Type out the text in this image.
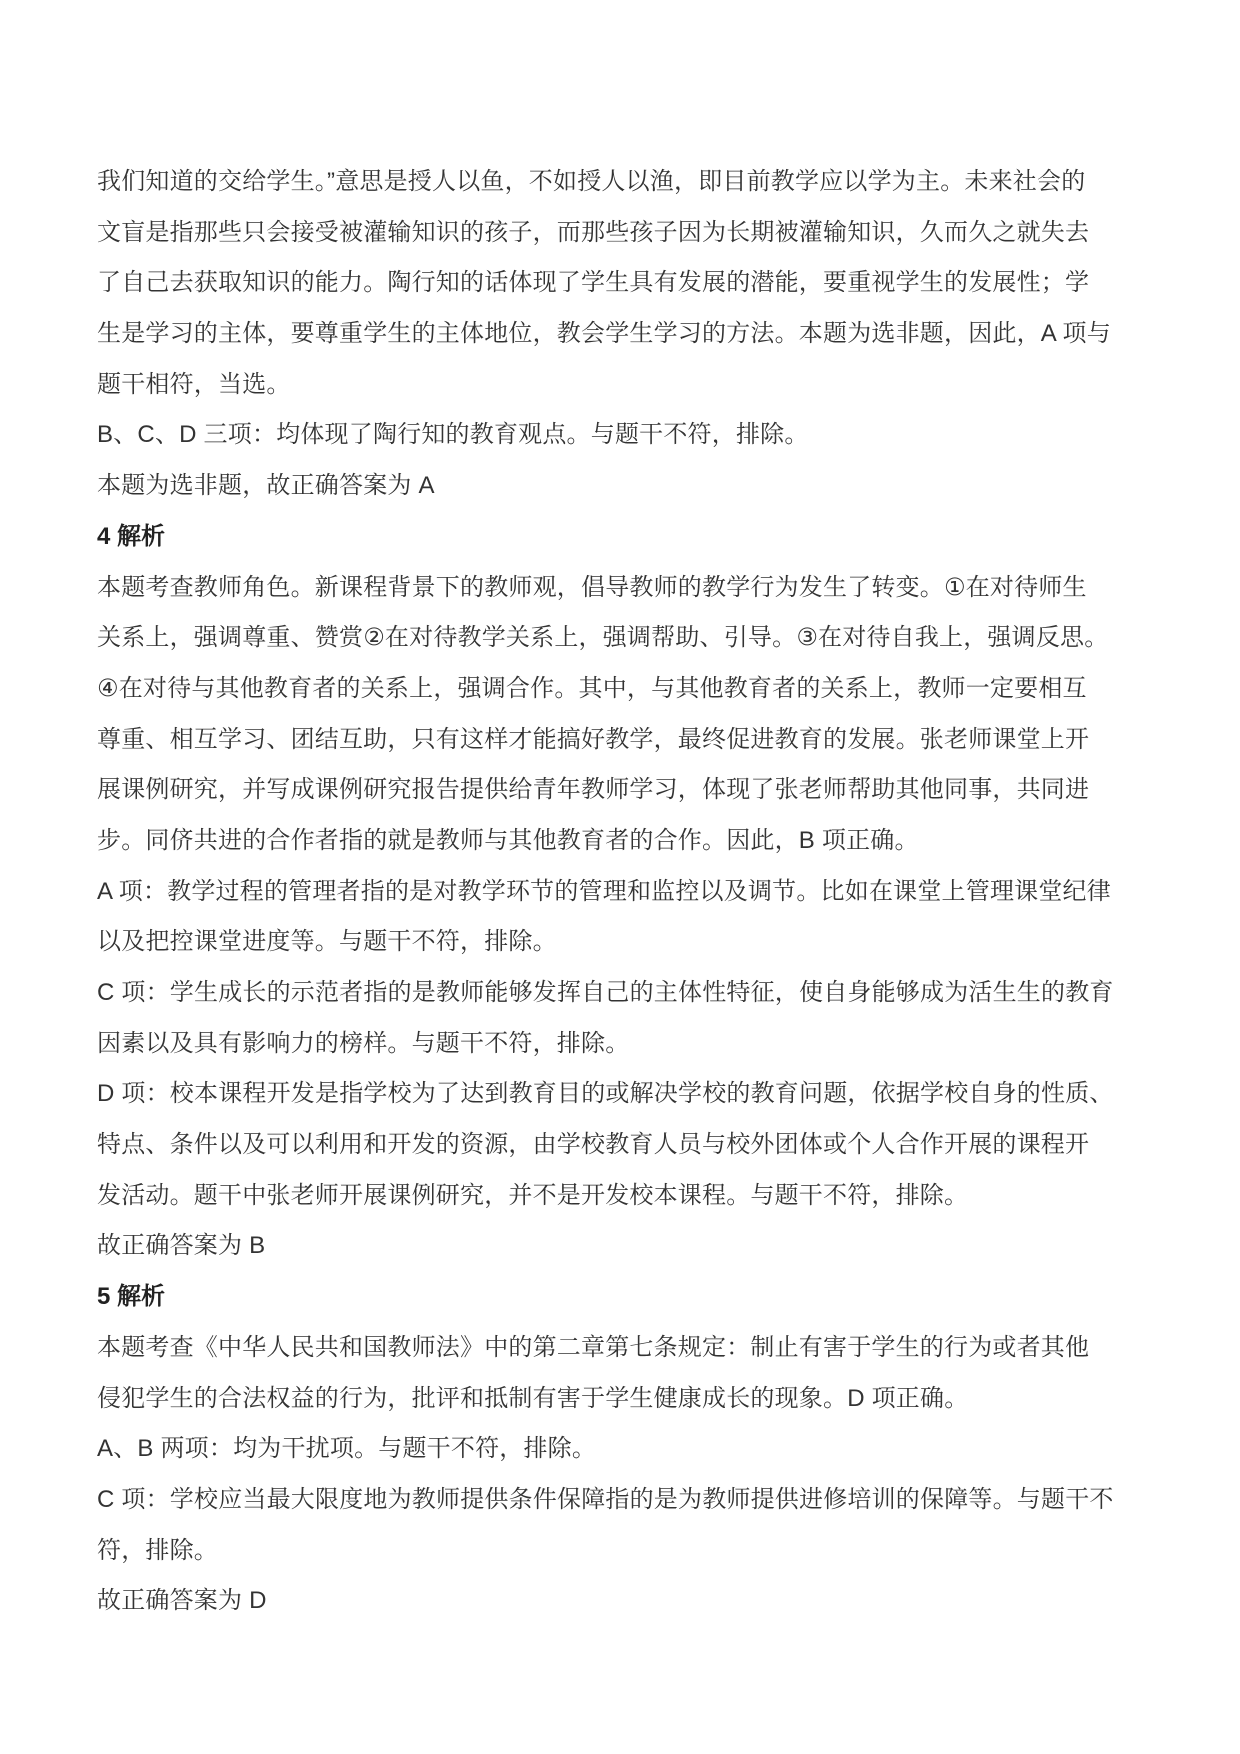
我们知道的交给学生。”意思是授人以鱼，不如授人以渔，即目前教学应以学为主。未来社会的
文盲是指那些只会接受被灌输知识的孩子，而那些孩子因为长期被灌输知识，久而久之就失去
了自己去获取知识的能力。陶行知的话体现了学生具有发展的潜能，要重视学生的发展性；学
生是学习的主体，要尊重学生的主体地位，教会学生学习的方法。本题为选非题，因此，A 项与
题干相符，当选。
B、C、D 三项：均体现了陶行知的教育观点。与题干不符，排除。
本题为选非题，故正确答案为 A
4 解析
本题考查教师角色。新课程背景下的教师观，倡导教师的教学行为发生了转变。①在对待师生
关系上，强调尊重、赞赏②在对待教学关系上，强调帮助、引导。③在对待自我上，强调反思。
④在对待与其他教育者的关系上，强调合作。其中，与其他教育者的关系上，教师一定要相互
尊重、相互学习、团结互助，只有这样才能搞好教学，最终促进教育的发展。张老师课堂上开
展课例研究，并写成课例研究报告提供给青年教师学习，体现了张老师帮助其他同事，共同进
步。同侪共进的合作者指的就是教师与其他教育者的合作。因此，B 项正确。
A 项：教学过程的管理者指的是对教学环节的管理和监控以及调节。比如在课堂上管理课堂纪律
以及把控课堂进度等。与题干不符，排除。
C 项：学生成长的示范者指的是教师能够发挥自己的主体性特征，使自身能够成为活生生的教育
因素以及具有影响力的榜样。与题干不符，排除。
D 项：校本课程开发是指学校为了达到教育目的或解决学校的教育问题，依据学校自身的性质、
特点、条件以及可以利用和开发的资源，由学校教育人员与校外团体或个人合作开展的课程开
发活动。题干中张老师开展课例研究，并不是开发校本课程。与题干不符，排除。
故正确答案为 B
5 解析
本题考查《中华人民共和国教师法》中的第二章第七条规定：制止有害于学生的行为或者其他
侵犯学生的合法权益的行为，批评和抵制有害于学生健康成长的现象。D 项正确。
A、B 两项：均为干扰项。与题干不符，排除。
C 项：学校应当最大限度地为教师提供条件保障指的是为教师提供进修培训的保障等。与题干不
符，排除。
故正确答案为 D
